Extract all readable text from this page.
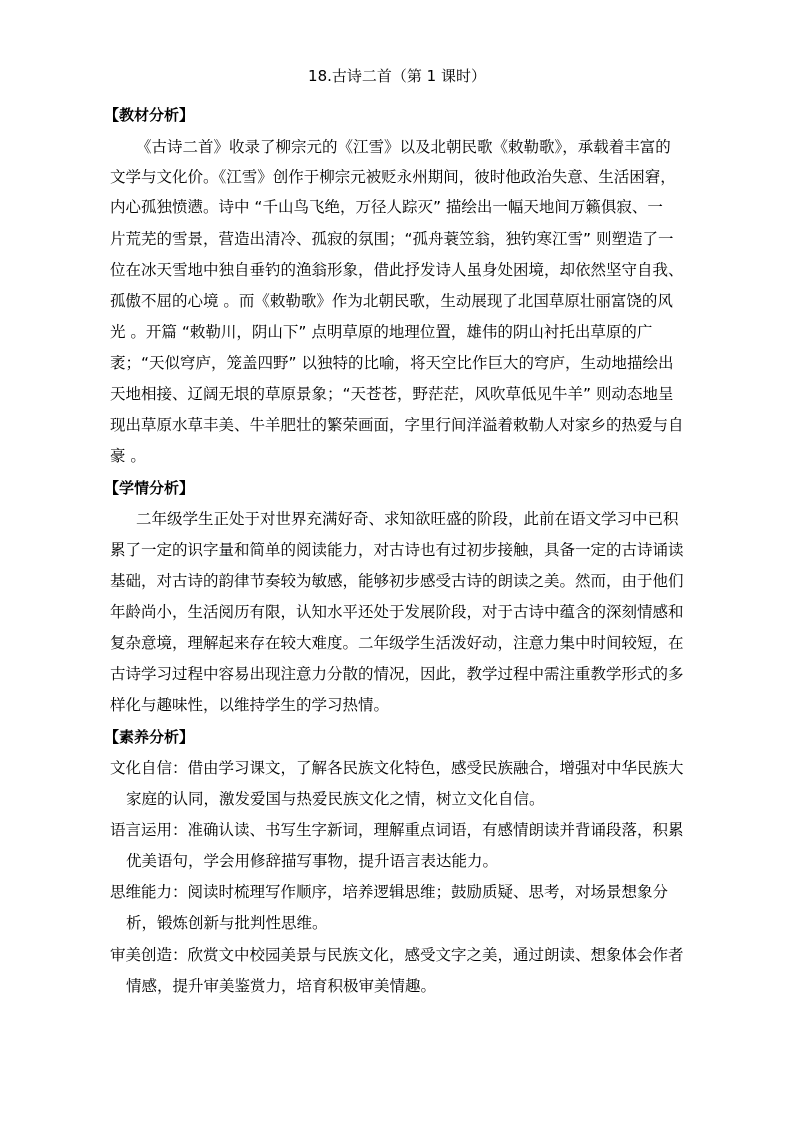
18.古诗二首（第 1 课时）
【教材分析】

《古诗二首》收录了柳宗元的《江雪》以及北朝民歌《敕勒歌》，承载着丰富的

文学与文化价。《江雪》创作于柳宗元被贬永州期间，彼时他政治失意、生活困窘，

内心孤独愤懑。诗中 “千山鸟飞绝，万径人踪灭” 描绘出一幅天地间万籁俱寂、一

片荒芜的雪景，营造出清冷、孤寂的氛围；“孤舟蓑笠翁，独钓寒江雪” 则塑造了一

位在冰天雪地中独自垂钓的渔翁形象，借此抒发诗人虽身处困境，却依然坚守自我、

孤傲不屈的心境 。而《敕勒歌》作为北朝民歌，生动展现了北国草原壮丽富饶的风

光 。开篇 “敕勒川，阴山下” 点明草原的地理位置，雄伟的阴山衬托出草原的广

袤；“天似穹庐，笼盖四野” 以独特的比喻，将天空比作巨大的穹庐，生动地描绘出

天地相接、辽阔无垠的草原景象；“天苍苍，野茫茫，风吹草低见牛羊” 则动态地呈

现出草原水草丰美、牛羊肥壮的繁荣画面，字里行间洋溢着敕勒人对家乡的热爱与自

豪 。

【学情分析】

二年级学生正处于对世界充满好奇、求知欲旺盛的阶段，此前在语文学习中已积

累了一定的识字量和简单的阅读能力，对古诗也有过初步接触，具备一定的古诗诵读

基础，对古诗的韵律节奏较为敏感，能够初步感受古诗的朗读之美。然而，由于他们

年龄尚小，生活阅历有限，认知水平还处于发展阶段，对于古诗中蕴含的深刻情感和

复杂意境，理解起来存在较大难度。二年级学生活泼好动，注意力集中时间较短，在

古诗学习过程中容易出现注意力分散的情况，因此，教学过程中需注重教学形式的多

样化与趣味性，以维持学生的学习热情。

【素养分析】

文化自信：借由学习课文，了解各民族文化特色，感受民族融合，增强对中华民族大

家庭的认同，激发爱国与热爱民族文化之情，树立文化自信。

语言运用：准确认读、书写生字新词，理解重点词语，有感情朗读并背诵段落，积累

优美语句，学会用修辞描写事物，提升语言表达能力。

思维能力：阅读时梳理写作顺序，培养逻辑思维；鼓励质疑、思考，对场景想象分

析，锻炼创新与批判性思维。

审美创造：欣赏文中校园美景与民族文化，感受文字之美，通过朗读、想象体会作者

情感，提升审美鉴赏力，培育积极审美情趣。
